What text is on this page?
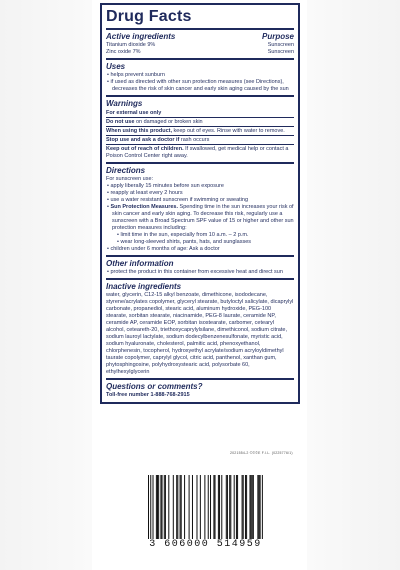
Drug Facts
Active ingredients	Purpose
Titanium dioxide 9%	Sunscreen
Zinc oxide 7%	Sunscreen
Uses
• helps prevent sunburn
• if used as directed with other sun protection measures (see Directions), decreases the risk of skin cancer and early skin aging caused by the sun
Warnings
For external use only
Do not use on damaged or broken skin
When using this product, keep out of eyes. Rinse with water to remove.
Stop use and ask a doctor if rash occurs
Keep out of reach of children. If swallowed, get medical help or contact a Poison Control Center right away.
Directions
For sunscreen use:
• apply liberally 15 minutes before sun exposure
• reapply at least every 2 hours
• use a water resistant sunscreen if swimming or sweating
• Sun Protection Measures. Spending time in the sun increases your risk of skin cancer and early skin aging. To decrease this risk, regularly use a sunscreen with a Broad Spectrum SPF value of 15 or higher and other sun protection measures including:
• limit time in the sun, especially from 10 a.m. – 2 p.m.
• wear long-sleeved shirts, pants, hats, and sunglasses
• children under 6 months of age: Ask a doctor
Other information
• protect the product in this container from excessive heat and direct sun
Inactive ingredients
water, glycerin, C12-15 alkyl benzoate, dimethicone, isododecane, styrene/acrylates copolymer, glyceryl stearate, butyloctyl salicylate, dicaprylyl carbonate, propanediol, stearic acid, aluminum hydroxide, PEG-100 stearate, sorbitan stearate, niacinamide, PEG-8 laurate, ceramide NP, ceramide AP, ceramide EOP, sorbitan isostearate, carbomer, cetearyl alcohol, ceteareth-20, triethoxycaprylylsilane, dimethiconol, sodium citrate, sodium lauroyl lactylate, sodium dodecylbenzenesulfonate, myristic acid, sodium hyaluronate, cholesterol, palmitic acid, phenoxyethanol, chlorphenesin, tocopherol, hydroxyethyl acrylate/sodium acryloyldimethyl taurate copolymer, caprylyl glycol, citric acid, panthenol, xanthan gum, phytosphingosine, polyhydroxystearic acid, polysorbate 60, ethylhexylglycerin
Questions or comments?
Toll-free number 1-888-768-2915
2021554-2 ©©©E F.I.L. (0225776/1)
3 606000 514959
